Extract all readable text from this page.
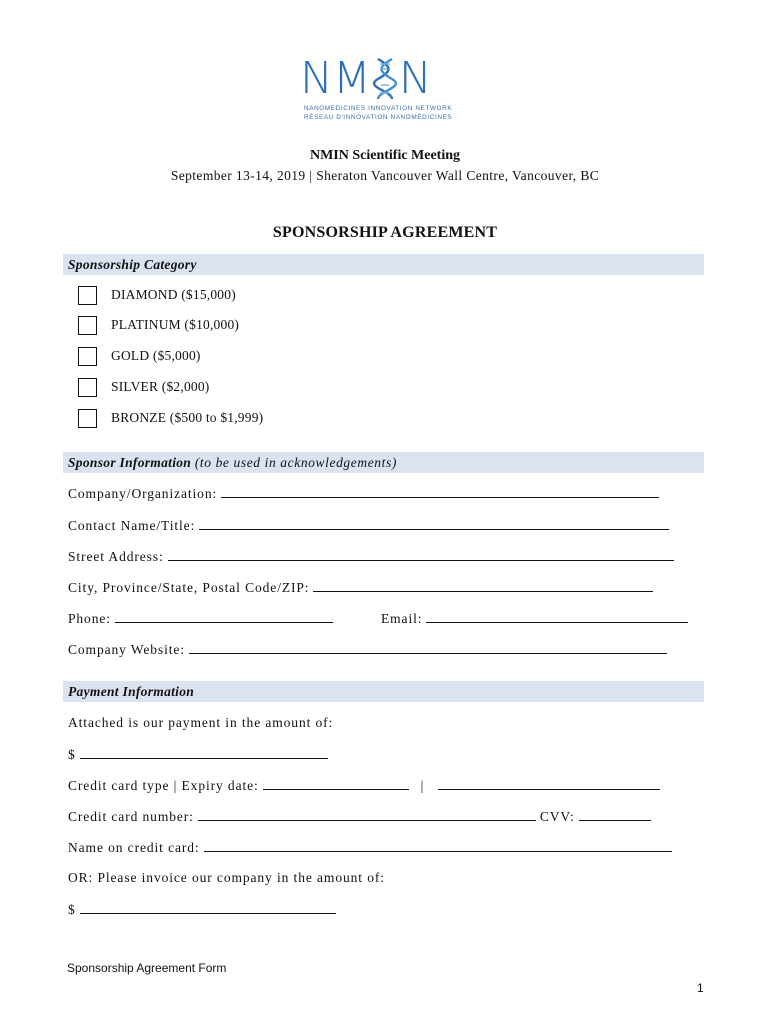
N M N
NANOMEDICINES INNOVATION NETWORK
RÉSEAU D'INNOVATION NANOMÉDICINES
NMIN Scientific Meeting
September 13-14, 2019 | Sheraton Vancouver Wall Centre, Vancouver, BC
SPONSORSHIP AGREEMENT
Sponsorship Category
DIAMOND ($15,000)
PLATINUM ($10,000)
GOLD ($5,000)
SILVER ($2,000)
BRONZE ($500 to $1,999)
Sponsor Information (to be used in acknowledgements)
Company/Organization:
Contact Name/Title:
Street Address:
City, Province/State, Postal Code/ZIP:
Phone:	Email:
Company Website:
Payment Information
Attached is our payment in the amount of:
$
Credit card type | Expiry date:	|
Credit card number:	CVV:
Name on credit card:
OR: Please invoice our company in the amount of:
$
Sponsorship Agreement Form
1
